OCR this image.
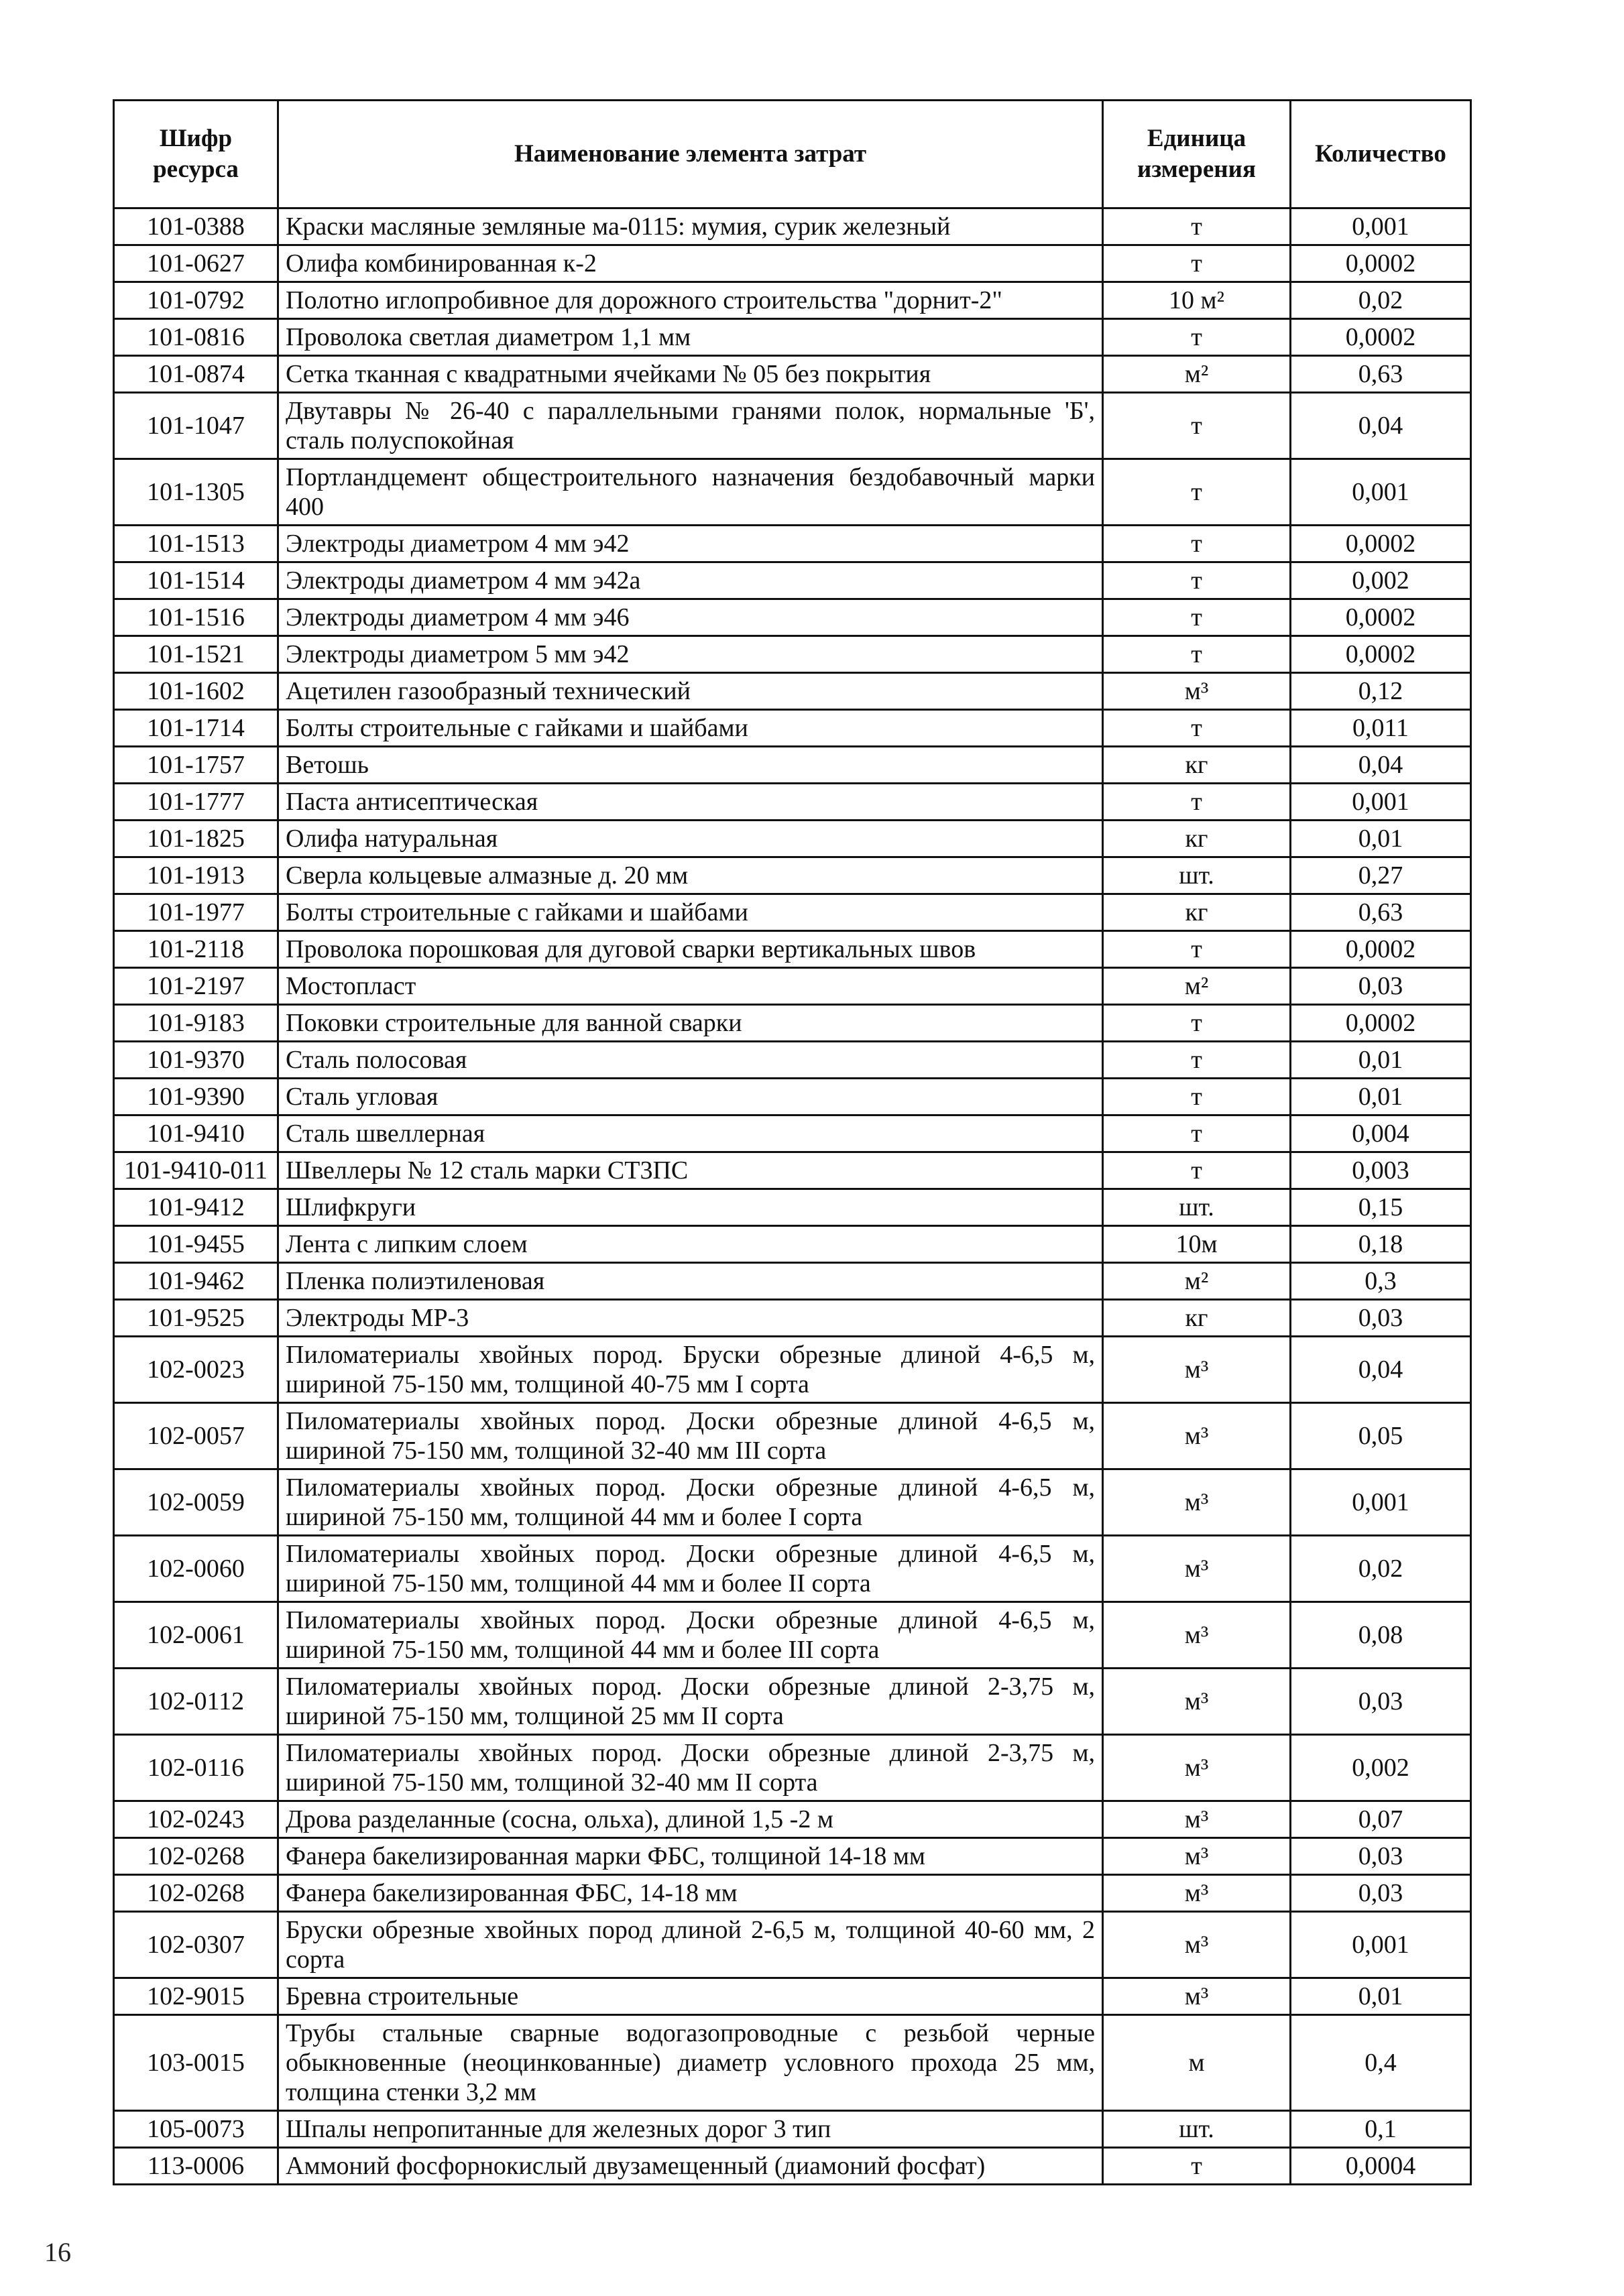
Шифр ресурса	Наименование элемента затрат	Единица измерения	Количество
101-0388	Краски масляные земляные ма-0115: мумия, сурик железный	т	0,001
101-0627	Олифа комбинированная к-2	т	0,0002
101-0792	Полотно иглопробивное для дорожного строительства "дорнит-2"	10 м²	0,02
101-0816	Проволока светлая диаметром 1,1 мм	т	0,0002
101-0874	Сетка тканная с квадратными ячейками № 05 без покрытия	м²	0,63
101-1047	Двутавры № 26-40 с параллельными гранями полок, нормальные 'Б', сталь полуспокойная	т	0,04
101-1305	Портландцемент общестроительного назначения бездобавочный марки 400	т	0,001
101-1513	Электроды диаметром 4 мм э42	т	0,0002
101-1514	Электроды диаметром 4 мм э42а	т	0,002
101-1516	Электроды диаметром 4 мм э46	т	0,0002
101-1521	Электроды диаметром 5 мм э42	т	0,0002
101-1602	Ацетилен газообразный технический	м³	0,12
101-1714	Болты строительные с гайками и шайбами	т	0,011
101-1757	Ветошь	кг	0,04
101-1777	Паста антисептическая	т	0,001
101-1825	Олифа натуральная	кг	0,01
101-1913	Сверла кольцевые алмазные д. 20 мм	шт.	0,27
101-1977	Болты строительные с гайками и шайбами	кг	0,63
101-2118	Проволока порошковая для дуговой сварки вертикальных швов	т	0,0002
101-2197	Мостопласт	м²	0,03
101-9183	Поковки строительные для ванной сварки	т	0,0002
101-9370	Сталь полосовая	т	0,01
101-9390	Сталь угловая	т	0,01
101-9410	Сталь швеллерная	т	0,004
101-9410-011	Швеллеры № 12 сталь марки СТ3ПС	т	0,003
101-9412	Шлифкруги	шт.	0,15
101-9455	Лента с липким слоем	10м	0,18
101-9462	Пленка полиэтиленовая	м²	0,3
101-9525	Электроды МР-3	кг	0,03
102-0023	Пиломатериалы хвойных пород. Бруски обрезные длиной 4-6,5 м, шириной 75-150 мм, толщиной 40-75 мм I сорта	м³	0,04
102-0057	Пиломатериалы хвойных пород. Доски обрезные длиной 4-6,5 м, шириной 75-150 мм, толщиной 32-40 мм III сорта	м³	0,05
102-0059	Пиломатериалы хвойных пород. Доски обрезные длиной 4-6,5 м, шириной 75-150 мм, толщиной 44 мм и более I сорта	м³	0,001
102-0060	Пиломатериалы хвойных пород. Доски обрезные длиной 4-6,5 м, шириной 75-150 мм, толщиной 44 мм и более II сорта	м³	0,02
102-0061	Пиломатериалы хвойных пород. Доски обрезные длиной 4-6,5 м, шириной 75-150 мм, толщиной 44 мм и более III сорта	м³	0,08
102-0112	Пиломатериалы хвойных пород. Доски обрезные длиной 2-3,75 м, шириной 75-150 мм, толщиной 25 мм II сорта	м³	0,03
102-0116	Пиломатериалы хвойных пород. Доски обрезные длиной 2-3,75 м, шириной 75-150 мм, толщиной 32-40 мм II сорта	м³	0,002
102-0243	Дрова разделанные (сосна, ольха), длиной 1,5 -2 м	м³	0,07
102-0268	Фанера бакелизированная марки ФБС, толщиной 14-18 мм	м³	0,03
102-0268	Фанера бакелизированная ФБС, 14-18 мм	м³	0,03
102-0307	Бруски обрезные хвойных пород длиной 2-6,5 м, толщиной 40-60 мм, 2 сорта	м³	0,001
102-9015	Бревна строительные	м³	0,01
103-0015	Трубы стальные сварные водогазопроводные с резьбой черные обыкновенные (неоцинкованные) диаметр условного прохода 25 мм, толщина стенки 3,2 мм	м	0,4
105-0073	Шпалы непропитанные для железных дорог 3 тип	шт.	0,1
113-0006	Аммоний фосфорнокислый двузамещенный (диамоний фосфат)	т	0,0004
16
